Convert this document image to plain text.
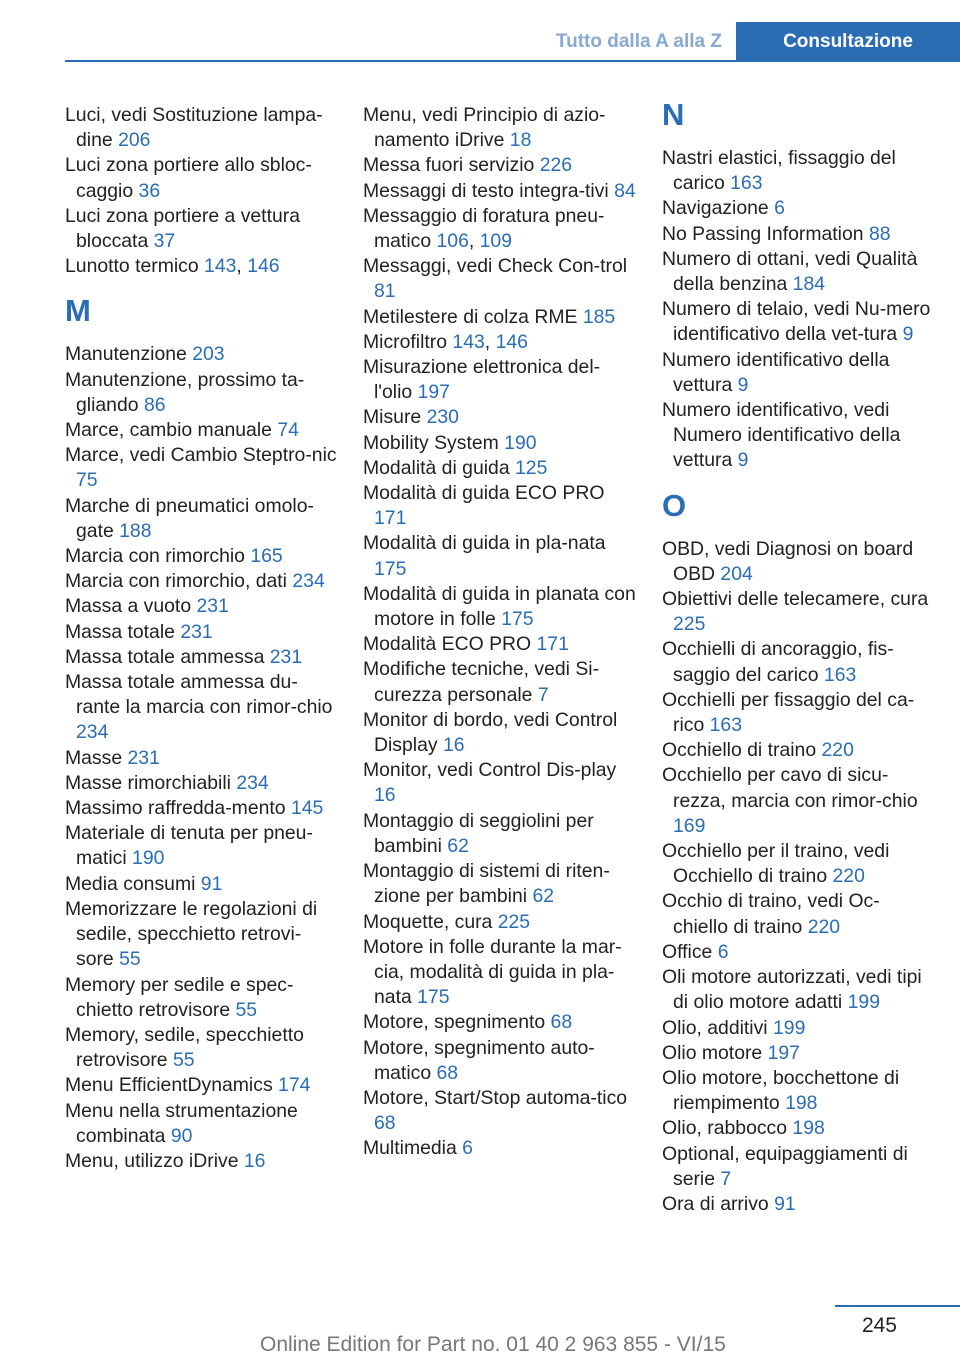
Tutto dalla A alla Z	Consultazione
Luci, vedi Sostituzione lampa-dine 206
Luci zona portiere allo sbloc-caggio 36
Luci zona portiere a vettura bloccata 37
Lunotto termico 143, 146
M
Manutenzione 203
Manutenzione, prossimo ta-gliando 86
Marce, cambio manuale 74
Marce, vedi Cambio Steptro-nic 75
Marche di pneumatici omolo-gate 188
Marcia con rimorchio 165
Marcia con rimorchio, dati 234
Massa a vuoto 231
Massa totale 231
Massa totale ammessa 231
Massa totale ammessa du-rante la marcia con rimor-chio 234
Masse 231
Masse rimorchiabili 234
Massimo raffredda-mento 145
Materiale di tenuta per pneu-matici 190
Media consumi 91
Memorizzare le regolazioni di sedile, specchietto retrovi-sore 55
Memory per sedile e spec-chietto retrovisore 55
Memory, sedile, specchietto retrovisore 55
Menu EfficientDynamics 174
Menu nella strumentazione combinata 90
Menu, utilizzo iDrive 16
Menu, vedi Principio di azio-namento iDrive 18
Messa fuori servizio 226
Messaggi di testo integra-tivi 84
Messaggio di foratura pneu-matico 106, 109
Messaggi, vedi Check Con-trol 81
Metilestere di colza RME 185
Microfiltro 143, 146
Misurazione elettronica del-l'olio 197
Misure 230
Mobility System 190
Modalità di guida 125
Modalità di guida ECO PRO 171
Modalità di guida in pla-nata 175
Modalità di guida in planata con motore in folle 175
Modalità ECO PRO 171
Modifiche tecniche, vedi Si-curezza personale 7
Monitor di bordo, vedi Control Display 16
Monitor, vedi Control Dis-play 16
Montaggio di seggiolini per bambini 62
Montaggio di sistemi di riten-zione per bambini 62
Moquette, cura 225
Motore in folle durante la mar-cia, modalità di guida in pla-nata 175
Motore, spegnimento 68
Motore, spegnimento auto-matico 68
Motore, Start/Stop automa-tico 68
Multimedia 6
N
Nastri elastici, fissaggio del carico 163
Navigazione 6
No Passing Information 88
Numero di ottani, vedi Qualità della benzina 184
Numero di telaio, vedi Nu-mero identificativo della vet-tura 9
Numero identificativo della vettura 9
Numero identificativo, vedi Numero identificativo della vettura 9
O
OBD, vedi Diagnosi on board OBD 204
Obiettivi delle telecamere, cura 225
Occhielli di ancoraggio, fis-saggio del carico 163
Occhielli per fissaggio del ca-rico 163
Occhiello di traino 220
Occhiello per cavo di sicu-rezza, marcia con rimor-chio 169
Occhiello per il traino, vedi Occhiello di traino 220
Occhio di traino, vedi Oc-chiello di traino 220
Office 6
Oli motore autorizzati, vedi tipi di olio motore adatti 199
Olio, additivi 199
Olio motore 197
Olio motore, bocchettone di riempimento 198
Olio, rabbocco 198
Optional, equipaggiamenti di serie 7
Ora di arrivo 91
245
Online Edition for Part no. 01 40 2 963 855 - VI/15
